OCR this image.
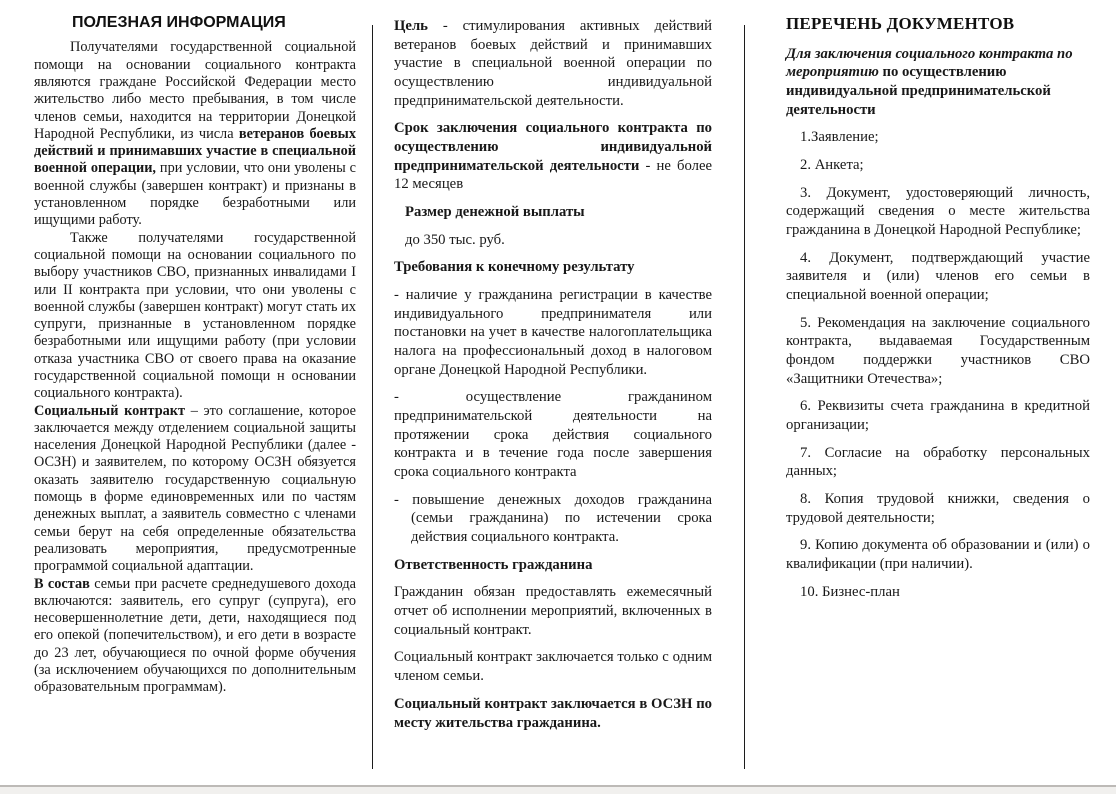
ПОЛЕЗНАЯ ИНФОРМАЦИЯ
Получателями государственной социальной помощи на основании социального контракта являются граждане Российской Федерации место жительство либо место пребывания, в том числе членов семьи, находится на территории Донецкой Народной Республики, из числа ветеранов боевых действий и принимавших участие в специальной военной операции, при условии, что они уволены с военной службы (завершен контракт) и признаны в установленном порядке безработными или ищущими работу.
Также получателями государственной социальной помощи на основании социального по выбору участников СВО, признанных инвалидами I или II контракта при условии, что они уволены с военной службы (завершен контракт) могут стать их супруги, признанные в установленном порядке безработными или ищущими работу (при условии отказа участника СВО от своего права на оказание государственной социальной помощи н основании социального контракта).
Социальный контракт – это соглашение, которое заключается между отделением социальной защиты населения Донецкой Народной Республики (далее - ОСЗН) и заявителем, по которому ОСЗН обязуется оказать заявителю государственную социальную помощь в форме единовременных или по частям денежных выплат, а заявитель совместно с членами семьи берут на себя определенные обязательства реализовать мероприятия, предусмотренные программой социальной адаптации.
В состав семьи при расчете среднедушевого дохода включаются: заявитель, его супруг (супруга), его несовершеннолетние дети, дети, находящиеся под его опекой (попечительством), и его дети в возрасте до 23 лет, обучающиеся по очной форме обучения (за исключением обучающихся по дополнительным образовательным программам).
Цель - стимулирования активных действий ветеранов боевых действий и принимавших участие в специальной военной операции по осуществлению индивидуальной предпринимательской деятельности.
Срок заключения социального контракта по осуществлению индивидуальной предпринимательской деятельности - не более 12 месяцев
Размер денежной выплаты
до 350 тыс. руб.
Требования к конечному результату
- наличие у гражданина регистрации в качестве индивидуального предпринимателя или постановки на учет в качестве налогоплательщика налога на профессиональный доход в налоговом органе Донецкой Народной Республики.
- осуществление гражданином предпринимательской деятельности на протяжении срока действия социального контракта и в течение года после завершения срока социального контракта
- повышение денежных доходов гражданина (семьи гражданина) по истечении срока действия социального контракта.
Ответственность гражданина
Гражданин обязан предоставлять ежемесячный отчет об исполнении мероприятий, включенных в социальный контракт.
Социальный контракт заключается только с одним членом семьи.
Социальный контракт заключается в ОСЗН по месту жительства гражданина.
ПЕРЕЧЕНЬ ДОКУМЕНТОВ
Для заключения социального контракта по мероприятию по осуществлению индивидуальной предпринимательской деятельности
1.Заявление;
2. Анкета;
3. Документ, удостоверяющий личность, содержащий сведения о месте жительства гражданина в Донецкой Народной Республике;
4. Документ, подтверждающий участие заявителя и (или) членов его семьи в специальной военной операции;
5. Рекомендация на заключение социального контракта, выдаваемая Государственным фондом поддержки участников СВО «Защитники Отечества»;
6. Реквизиты счета гражданина в кредитной организации;
7. Согласие на обработку персональных данных;
8. Копия трудовой книжки, сведения о трудовой деятельности;
9. Копию документа об образовании и (или) о квалификации (при наличии).
10. Бизнес-план
